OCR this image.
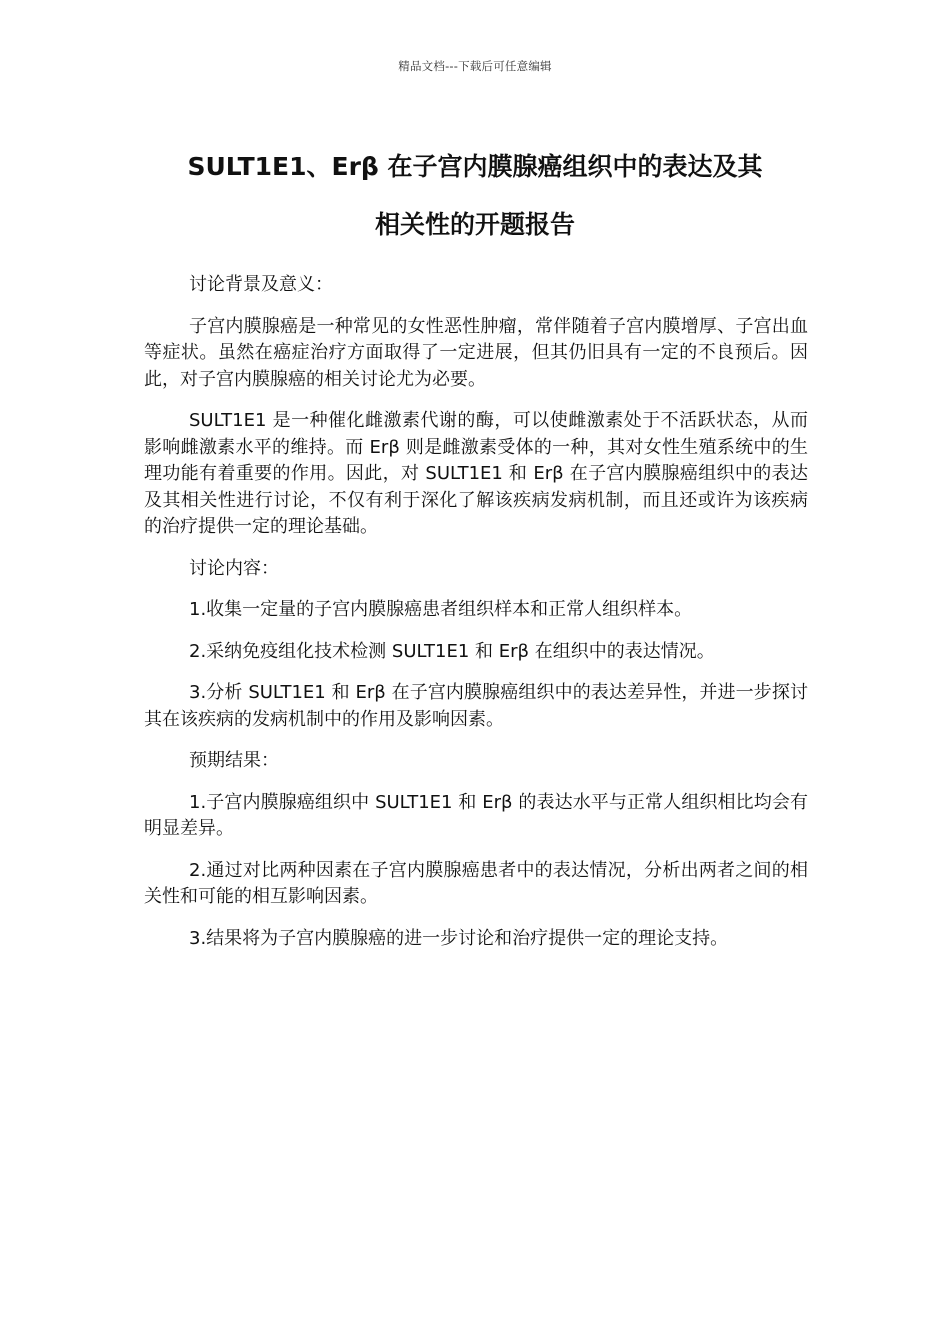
精品文档---下载后可任意编辑
SULT1E1、Erβ 在子宫内膜腺癌组织中的表达及其
相关性的开题报告

讨论背景及意义：

子宫内膜腺癌是一种常见的女性恶性肿瘤，常伴随着子宫内膜增厚、子宫出血等症状。虽然在癌症治疗方面取得了一定进展，但其仍旧具有一定的不良预后。因此，对子宫内膜腺癌的相关讨论尤为必要。

SULT1E1 是一种催化雌激素代谢的酶，可以使雌激素处于不活跃状态，从而影响雌激素水平的维持。而 Erβ 则是雌激素受体的一种，其对女性生殖系统中的生理功能有着重要的作用。因此，对 SULT1E1 和 Erβ 在子宫内膜腺癌组织中的表达及其相关性进行讨论，不仅有利于深化了解该疾病发病机制，而且还或许为该疾病的治疗提供一定的理论基础。

讨论内容：

1.收集一定量的子宫内膜腺癌患者组织样本和正常人组织样本。

2.采纳免疫组化技术检测 SULT1E1 和 Erβ 在组织中的表达情况。

3.分析 SULT1E1 和 Erβ 在子宫内膜腺癌组织中的表达差异性，并进一步探讨其在该疾病的发病机制中的作用及影响因素。

预期结果：

1.子宫内膜腺癌组织中 SULT1E1 和 Erβ 的表达水平与正常人组织相比均会有明显差异。

2.通过对比两种因素在子宫内膜腺癌患者中的表达情况，分析出两者之间的相关性和可能的相互影响因素。

3.结果将为子宫内膜腺癌的进一步讨论和治疗提供一定的理论支持。
